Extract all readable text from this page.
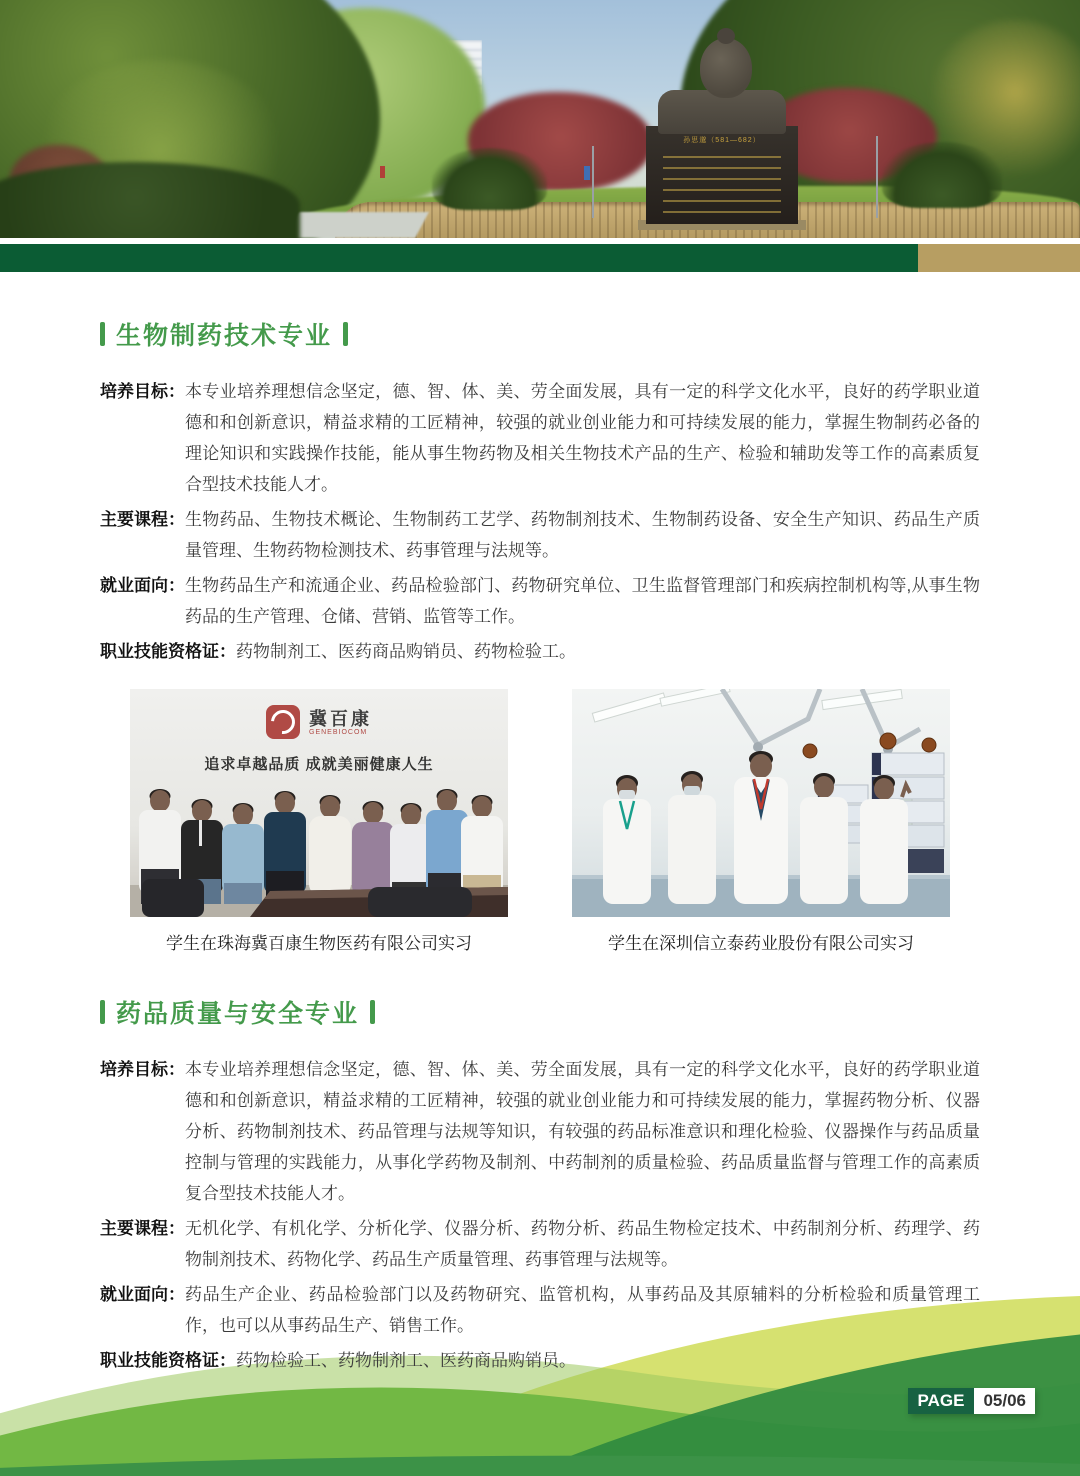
孙思邈（581—682）
生物制药技术专业
培养目标： 本专业培养理想信念坚定，德、智、体、美、劳全面发展，具有一定的科学文化水平，良好的药学职业道德和和创新意识，精益求精的工匠精神，较强的就业创业能力和可持续发展的能力，掌握生物制药必备的理论知识和实践操作技能，能从事生物药物及相关生物技术产品的生产、检验和辅助发等工作的高素质复合型技术技能人才。
主要课程： 生物药品、生物技术概论、生物制药工艺学、药物制剂技术、生物制药设备、安全生产知识、药品生产质量管理、生物药物检测技术、药事管理与法规等。
就业面向： 生物药品生产和流通企业、药品检验部门、药物研究单位、卫生监督管理部门和疾病控制机构等,从事生物药品的生产管理、仓储、营销、监管等工作。
职业技能资格证： 药物制剂工、医药商品购销员、药物检验工。
冀百康
GENEBIOCOM
追求卓越品质 成就美丽健康人生
学生在珠海冀百康生物医药有限公司实习	学生在深圳信立泰药业股份有限公司实习
药品质量与安全专业
培养目标： 本专业培养理想信念坚定，德、智、体、美、劳全面发展，具有一定的科学文化水平，良好的药学职业道德和和创新意识，精益求精的工匠精神，较强的就业创业能力和可持续发展的能力，掌握药物分析、仪器分析、药物制剂技术、药品管理与法规等知识，有较强的药品标准意识和理化检验、仪器操作与药品质量控制与管理的实践能力，从事化学药物及制剂、中药制剂的质量检验、药品质量监督与管理工作的高素质复合型技术技能人才。
主要课程： 无机化学、有机化学、分析化学、仪器分析、药物分析、药品生物检定技术、中药制剂分析、药理学、药物制剂技术、药物化学、药品生产质量管理、药事管理与法规等。
就业面向： 药品生产企业、药品检验部门以及药物研究、监管机构，从事药品及其原辅料的分析检验和质量管理工作，也可以从事药品生产、销售工作。
职业技能资格证： 药物检验工、药物制剂工、医药商品购销员。
PAGE	05/06
